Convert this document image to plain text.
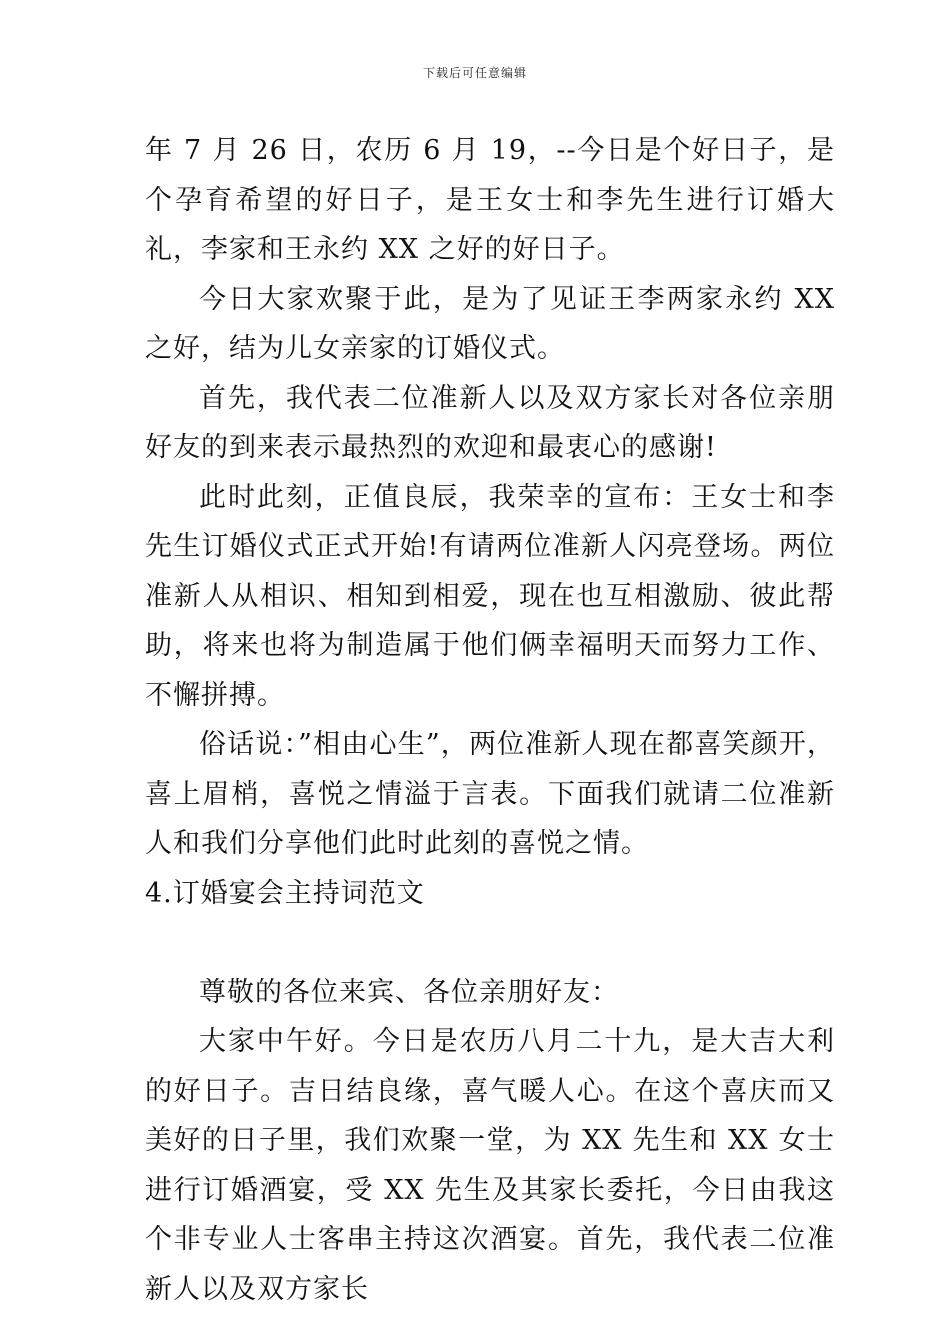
下载后可任意编辑

年 7 月 26 日，农历 6 月 19，--今日是个好日子，是个孕育希望的好日子，是王女士和李先生进行订婚大礼，李家和王永约 XX 之好的好日子。

今日大家欢聚于此，是为了见证王李两家永约 XX 之好，结为儿女亲家的订婚仪式。

首先，我代表二位准新人以及双方家长对各位亲朋好友的到来表示最热烈的欢迎和最衷心的感谢!

此时此刻，正值良辰，我荣幸的宣布：王女士和李先生订婚仪式正式开始!有请两位准新人闪亮登场。两位准新人从相识、相知到相爱，现在也互相激励、彼此帮助，将来也将为制造属于他们俩幸福明天而努力工作、不懈拼搏。

俗话说：”相由心生”，两位准新人现在都喜笑颜开，喜上眉梢，喜悦之情溢于言表。下面我们就请二位准新人和我们分享他们此时此刻的喜悦之情。

4.订婚宴会主持词范文

尊敬的各位来宾、各位亲朋好友：

大家中午好。今日是农历八月二十九，是大吉大利的好日子。吉日结良缘，喜气暖人心。在这个喜庆而又美好的日子里，我们欢聚一堂，为 XX 先生和 XX 女士进行订婚酒宴，受 XX 先生及其家长委托，今日由我这个非专业人士客串主持这次酒宴。首先，我代表二位准新人以及双方家长
